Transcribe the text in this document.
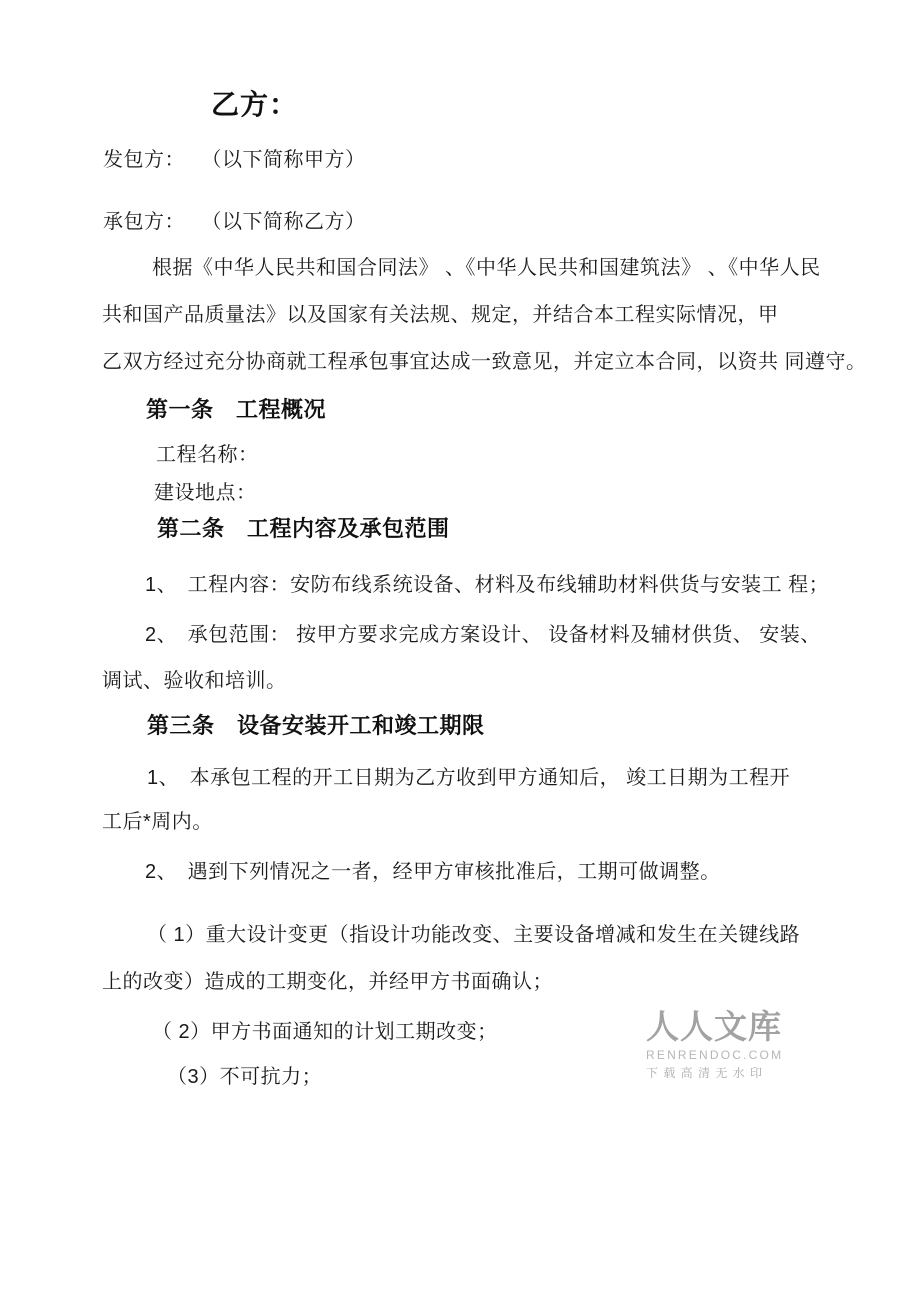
乙方：
发包方：　 （以下简称甲方）
承包方：　 （以下简称乙方）
根据《中华人民共和国合同法》 、《中华人民共和国建筑法》 、《中华人民
共和国产品质量法》以及国家有关法规、规定，并结合本工程实际情况，甲
乙双方经过充分协商就工程承包事宜达成一致意见，并定立本合同，以资共 同遵守。
第一条　工程概况
工程名称：
建设地点：
第二条　工程内容及承包范围
1、　工程内容：安防布线系统设备、材料及布线辅助材料供货与安装工 程；
2、　承包范围： 按甲方要求完成方案设计、 设备材料及辅材供货、 安装、
调试、验收和培训。
第三条　设备安装开工和竣工期限
1、　本承包工程的开工日期为乙方收到甲方通知后， 竣工日期为工程开
工后*周内。
2、　遇到下列情况之一者，经甲方审核批准后，工期可做调整。
（ 1）重大设计变更（指设计功能改变、主要设备增减和发生在关键线路
上的改变）造成的工期变化，并经甲方书面确认；
（ 2）甲方书面通知的计划工期改变；
（3）不可抗力；
人人文库
RENRENDOC.COM
下 载 高 清 无 水 印
